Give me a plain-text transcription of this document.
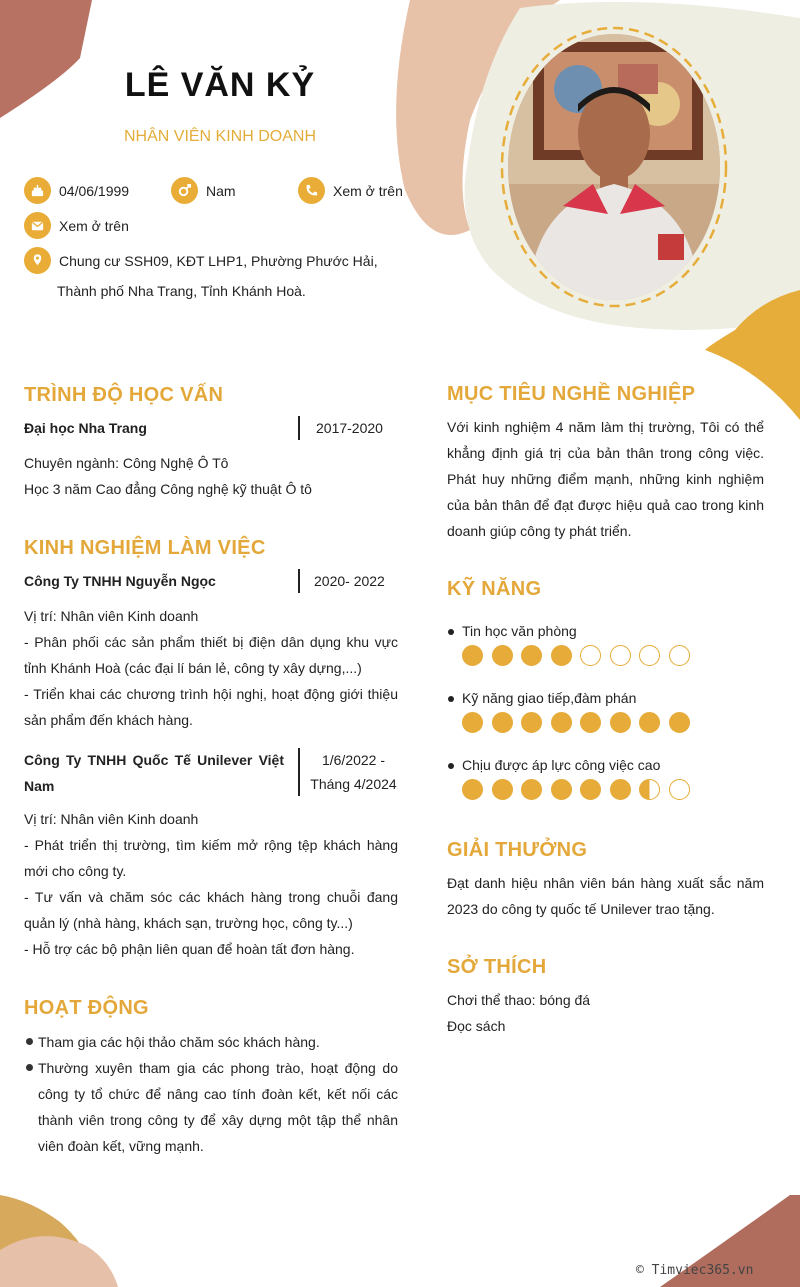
LÊ VĂN KỶ
NHÂN VIÊN KINH DOANH
04/06/1999	Nam	Xem ở trên
Xem ở trên
Chung cư SSH09, KĐT LHP1, Phường Phước Hải,
Thành phố Nha Trang, Tỉnh Khánh Hoà.
TRÌNH ĐỘ HỌC VẤN
Đại học Nha Trang	2017-2020
Chuyên ngành: Công Nghệ Ô Tô
Học 3 năm Cao đẳng Công nghệ kỹ thuật Ô tô
KINH NGHIỆM LÀM VIỆC
Công Ty TNHH Nguyễn Ngọc	2020- 2022
Vị trí: Nhân viên Kinh doanh
- Phân phối các sản phẩm thiết bị điện dân dụng khu vực tỉnh Khánh Hoà (các đại lí bán lẻ, công ty xây dựng,...)
- Triển khai các chương trình hội nghị, hoạt động giới thiệu sản phẩm đến khách hàng.
Công Ty TNHH Quốc Tế Unilever Việt Nam
1/6/2022 -
Tháng 4/2024
Vị trí: Nhân viên Kinh doanh
- Phát triển thị trường, tìm kiếm mở rộng tệp khách hàng mới cho công ty.
- Tư vấn và chăm sóc các khách hàng trong chuỗi đang quản lý (nhà hàng, khách sạn, trường học, công ty...)
- Hỗ trợ các bộ phận liên quan để hoàn tất đơn hàng.
HOẠT ĐỘNG
Tham gia các hội thảo chăm sóc khách hàng.
Thường xuyên tham gia các phong trào, hoạt động do công ty tổ chức để nâng cao tính đoàn kết, kết nối các thành viên trong công ty để xây dựng một tập thể nhân viên đoàn kết, vững mạnh.
MỤC TIÊU NGHỀ NGHIỆP
Với kinh nghiệm 4 năm làm thị trường, Tôi có thể khẳng định giá trị của bản thân trong công việc. Phát huy những điểm mạnh, những kinh nghiệm của bản thân để đạt được hiệu quả cao trong kinh doanh giúp công ty phát triển.
KỸ NĂNG
Tin học văn phòng
Kỹ năng giao tiếp,đàm phán
Chịu được áp lực công việc cao
GIẢI THƯỞNG
Đạt danh hiệu nhân viên bán hàng xuất sắc năm 2023 do công ty quốc tế Unilever trao tặng.
SỞ THÍCH
Chơi thể thao: bóng đá
Đọc sách
© Timviec365.vn
